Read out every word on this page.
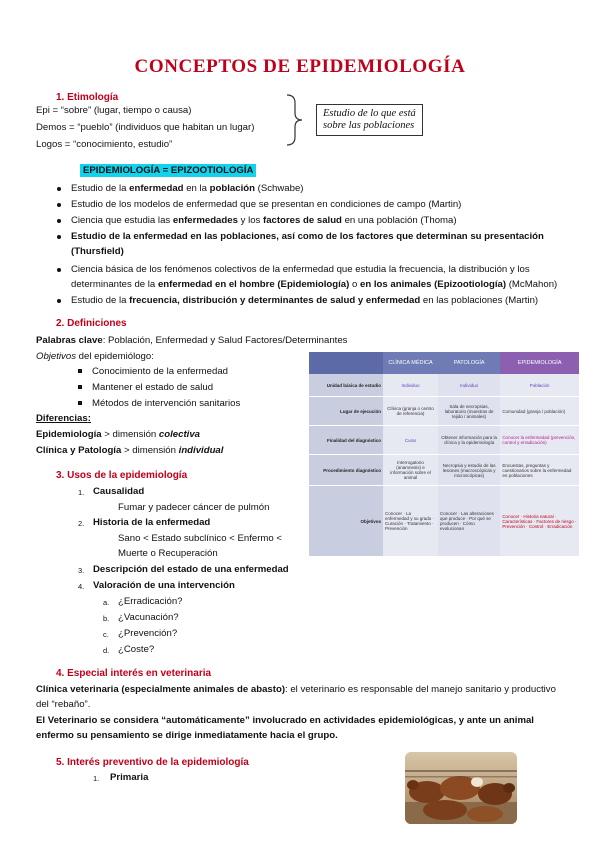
CONCEPTOS DE EPIDEMIOLOGÍA
1. Etimología
Epi = “sobre” (lugar, tiempo o causa)
Demos = “pueblo” (individuos que habitan un lugar)
Logos = “conocimiento, estudio”
Estudio de lo que está
sobre las poblaciones
EPIDEMIOLOGÍA = EPIZOOTIOLOGÍA
Estudio de la enfermedad en la población (Schwabe)
Estudio de los modelos de enfermedad que se presentan en condiciones de campo (Martin)
Ciencia que estudia las enfermedades y los factores de salud en una población (Thoma)
Estudio de la enfermedad en las poblaciones, así como de los factores que determinan su presentación
(Thursfield)
Ciencia básica de los fenómenos colectivos de la enfermedad que estudia la frecuencia, la distribución y los
determinantes de la enfermedad en el hombre (Epidemiología) o en los animales (Epizootiología) (McMahon)
Estudio de la frecuencia, distribución y determinantes de salud y enfermedad en las poblaciones (Martin)
2. Definiciones
Palabras clave: Población, Enfermedad y Salud Factores/Determinantes
Objetivos del epidemiólogo:
Conocimiento de la enfermedad
Mantener el estado de salud
Métodos de intervención sanitarios
Diferencias:
Epidemiología > dimensión colectiva
Clínica y Patología > dimensión individual
	CLÍNICA MÉDICA	PATOLOGÍA	EPIDEMIOLOGÍA
Unidad básica de estudio	Individuo	Individuo	Población
Lugar de ejecución	Clínica (granja o centro de referencia)	Sala de necropsias, laboratorio (muestras de tejido / animales)	Comunidad (granja / población)
Finalidad del diagnóstico	Curar	Obtener información para la clínica y la epidemiología	Conocer la enfermedad (prevención, control y erradicación)
Procedimiento diagnóstico	Interrogatorio (anamnesis) e información sobre el animal	Necropsia y estudio de las lesiones (macroscópicas y microscópicas)	Encuestas, preguntas y cuestionarios sobre la enfermedad en poblaciones
Objetivos	Conocer · La enfermedad y su grado · Curación · Tratamiento · Prevención	Conocer · Las alteraciones que produce · Por qué se producen · Cómo evolucionan	Conocer · Historia natural · Características · Factores de riesgo · Prevención · Control · Erradicación
3. Usos de la epidemiología
1. Causalidad
Fumar y padecer cáncer de pulmón
2. Historia de la enfermedad
Sano < Estado subclínico < Enfermo <
Muerte o Recuperación
3. Descripción del estado de una enfermedad
4. Valoración de una intervención
a. ¿Erradicación?
b. ¿Vacunación?
c. ¿Prevención?
d. ¿Coste?
4. Especial interés en veterinaria
Clínica veterinaria (especialmente animales de abasto): el veterinario es responsable del manejo sanitario y productivo
del “rebaño”.
El Veterinario se considera “automáticamente” involucrado en actividades epidemiológicas, y ante un animal
enfermo su pensamiento se dirige inmediatamente hacia el grupo.
5. Interés preventivo de la epidemiología
1. Primaria
